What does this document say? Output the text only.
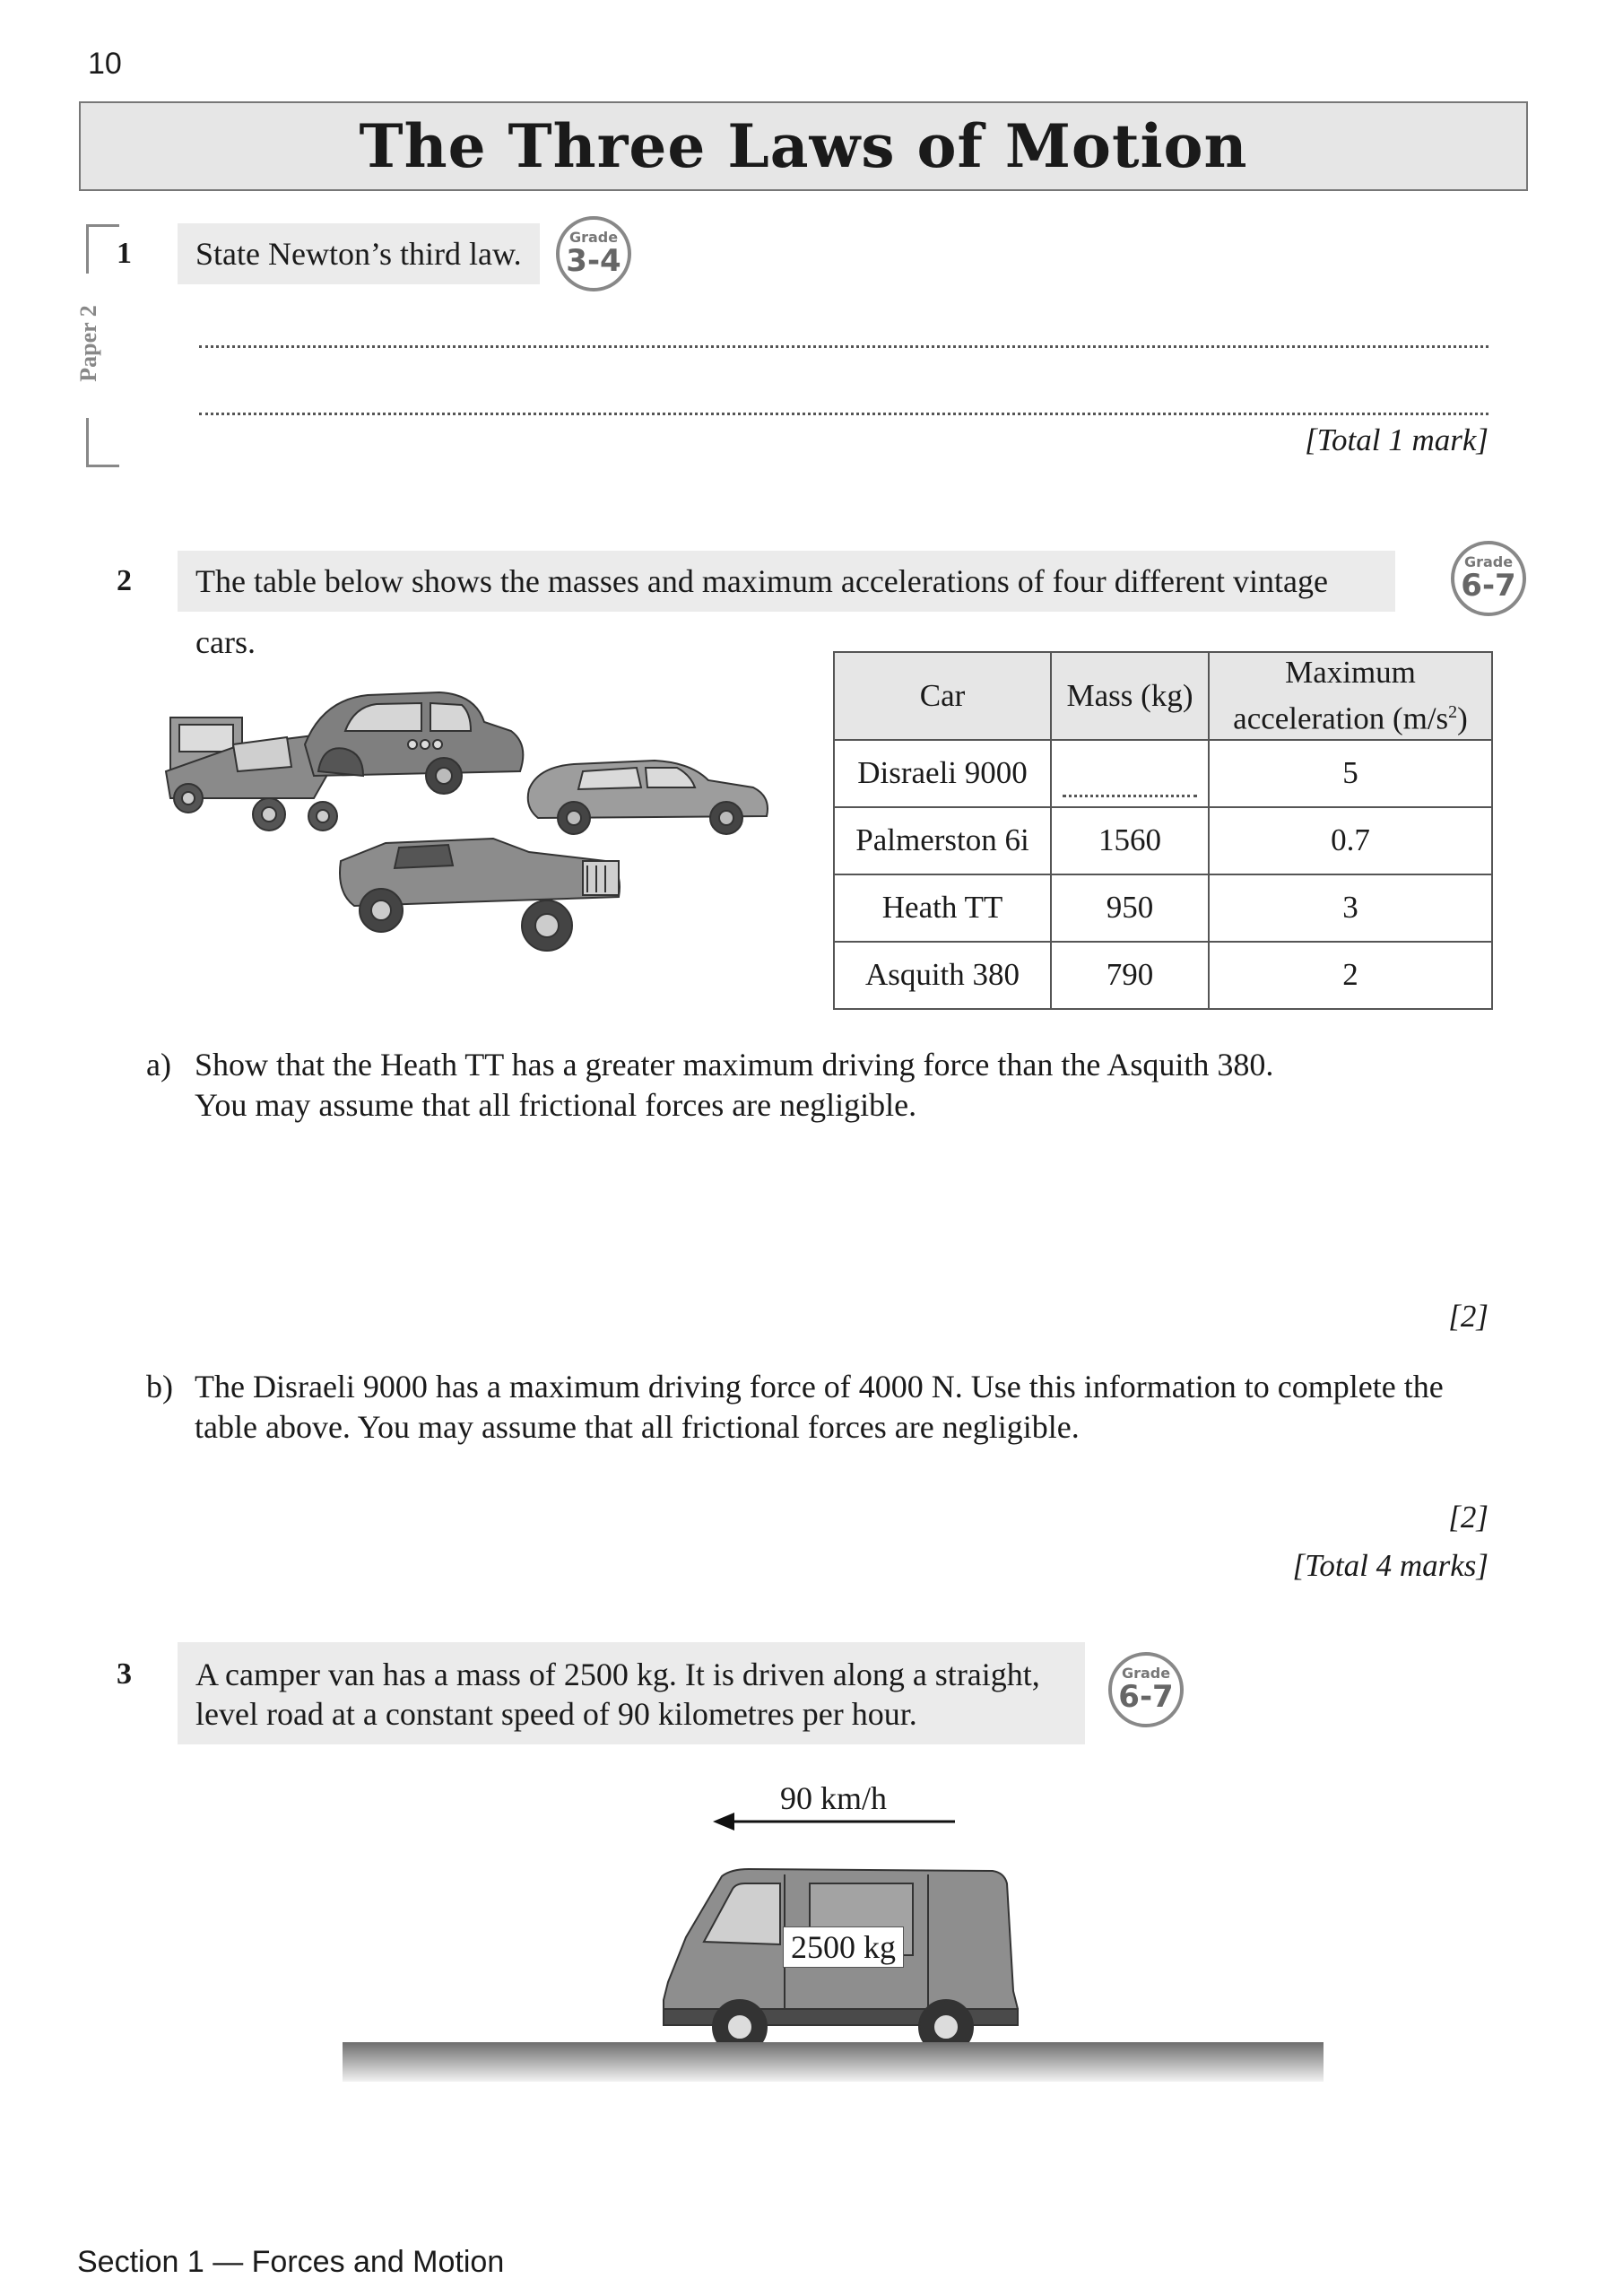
10
The Three Laws of Motion
Paper 2
1	State Newton’s third law.	Grade
3-4
[Total 1 mark]
2	The table below shows the masses and maximum accelerations of four different vintage cars.
Grade
6-7
Car	Mass (kg)	Maximum
acceleration $(m/s^2)$
Disraeli 9000		5
Palmerston 6i	1560	0.7
Heath TT	950	3
Asquith 380	790	2
a) Show that the Heath TT has a greater maximum driving force than the Asquith 380.
You may assume that all frictional forces are negligible.
[2]
b) The Disraeli 9000 has a maximum driving force of 4000 N. Use this information to complete the
table above. You may assume that all frictional forces are negligible.
[2]
[Total 4 marks]
3 A camper van has a mass of 2500 kg. It is driven along a straight,
level road at a constant speed of 90 kilometres per hour.
Grade
6-7
90 km/h
2500 kg
Section 1 — Forces and Motion
